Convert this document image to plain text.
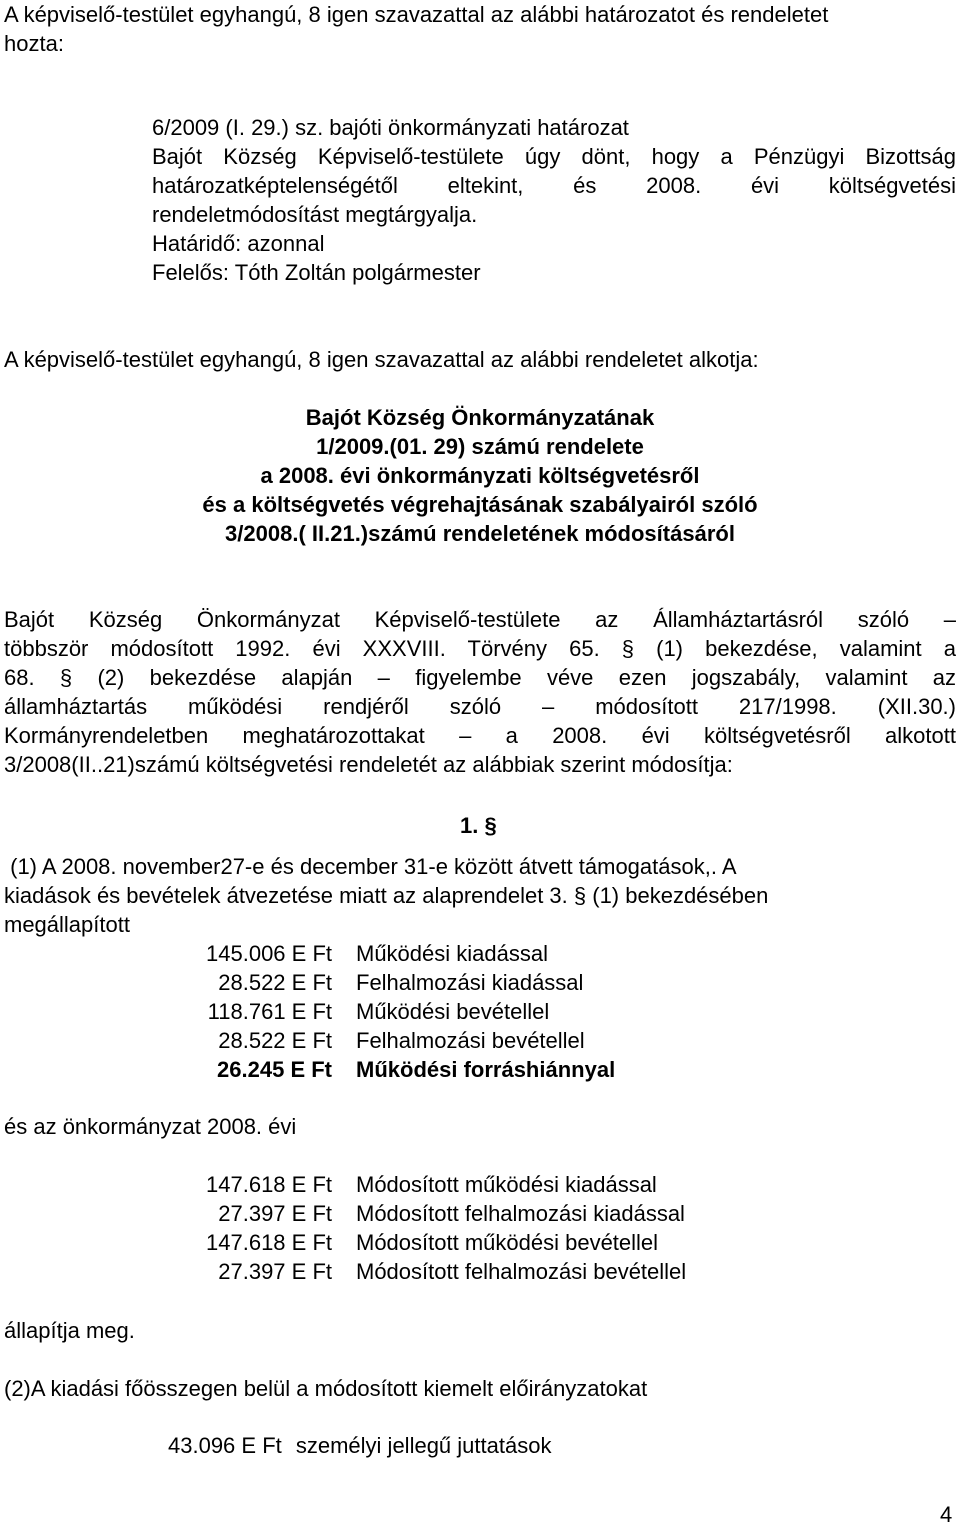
A képviselő-testület egyhangú, 8 igen szavazattal az alábbi határozatot és rendeletet
hozta:
6/2009 (I. 29.) sz. bajóti önkormányzati határozat
Bajót Község Képviselő-testülete úgy dönt, hogy a Pénzügyi Bizottság
határozatképtelenségétől eltekint, és 2008. évi költségvetési
rendeletmódosítást megtárgyalja.
Határidő: azonnal
Felelős: Tóth Zoltán polgármester
A képviselő-testület egyhangú, 8 igen szavazattal az alábbi rendeletet alkotja:
Bajót Község Önkormányzatának
1/2009.(01. 29) számú rendelete
a 2008. évi önkormányzati költségvetésről
és a költségvetés végrehajtásának szabályairól szóló
3/2008.( II.21.)számú rendeletének módosításáról
Bajót Község Önkormányzat Képviselő-testülete az Államháztartásról szóló –
többször módosított 1992. évi XXXVIII. Törvény 65. § (1) bekezdése, valamint a
68. § (2) bekezdése alapján – figyelembe véve ezen jogszabály, valamint az
államháztartás működési rendjéről szóló – módosított 217/1998. (XII.30.)
Kormányrendeletben meghatározottakat – a 2008. évi költségvetésről alkotott
3/2008(II..21)számú költségvetési rendeletét az alábbiak szerint módosítja:
1. §
(1) A 2008. november27-e és december 31-e között átvett támogatások,. A
kiadások és bevételek átvezetése miatt az alaprendelet 3. § (1) bekezdésében
megállapított
145.006 E Ft Működési kiadással
28.522 E Ft Felhalmozási kiadással
118.761 E Ft Működési bevétellel
28.522 E Ft Felhalmozási bevétellel
26.245 E Ft Működési forráshiánnyal
és az önkormányzat 2008. évi
147.618 E Ft Módosított működési kiadással
27.397 E Ft Módosított felhalmozási kiadással
147.618 E Ft Módosított működési bevétellel
27.397 E Ft Módosított felhalmozási bevétellel
állapítja meg.
(2)A kiadási főösszegen belül a módosított kiemelt előirányzatokat
43.096 E Ft személyi jellegű juttatások
4
